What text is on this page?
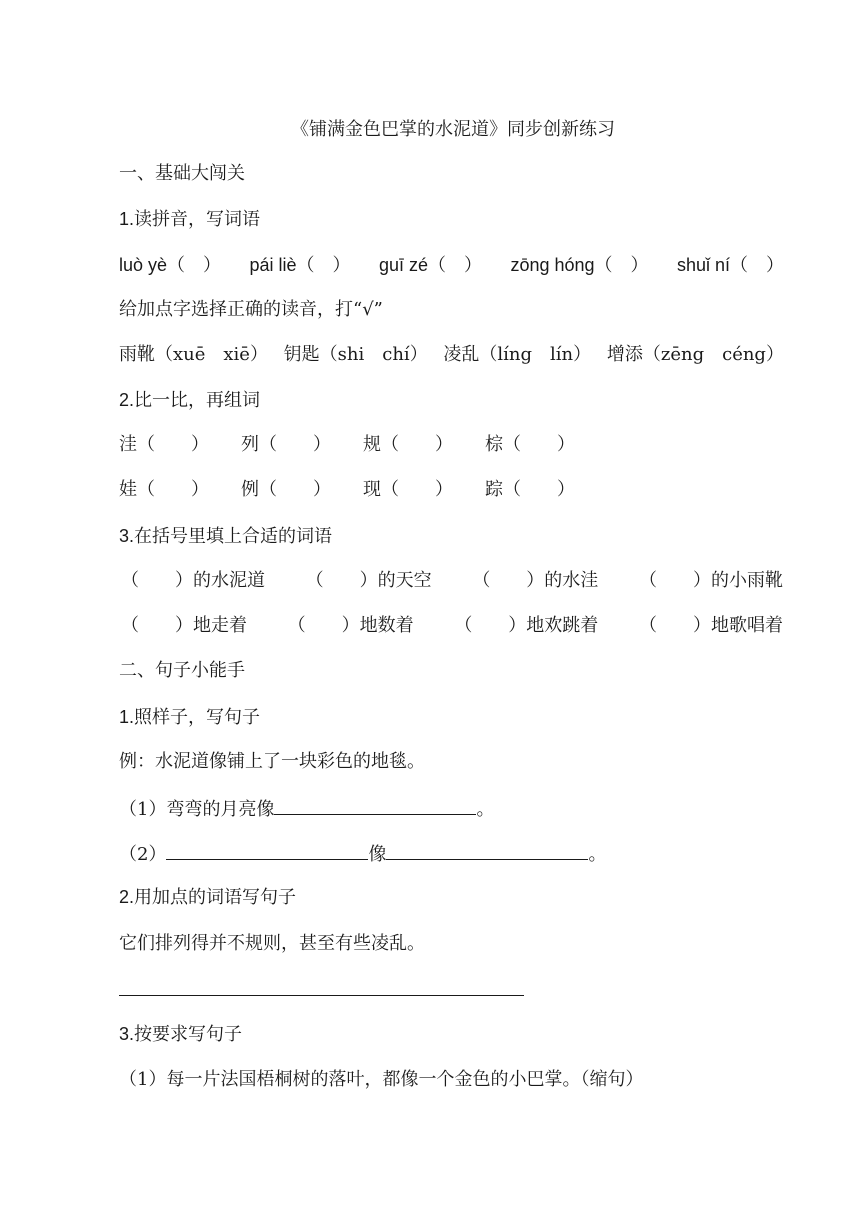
《铺满金色巴掌的水泥道》同步创新练习
一、基础大闯关
1.读拼音，写词语
luò yè（　） pái liè（　） guī zé（　） zōng hóng（　） shuǐ ní（　）
给加点字选择正确的读音，打“√”
雨靴（xuē　xiē） 钥匙（shi　chí） 凌乱（líng　lín） 增添（zēng　céng）
2.比一比，再组词
洼（　　）	列（　　）	规（　　）	棕（　　）
娃（　　）	例（　　）	现（　　）	踪（　　）
3.在括号里填上合适的词语
（　　）的水泥道 （　　）的天空 （　　）的水洼 （　　）的小雨靴
（　　）地走着 （　　）地数着 （　　）地欢跳着 （　　）地歌唱着
二、句子小能手
1.照样子，写句子
例：水泥道像铺上了一块彩色的地毯。
（1）弯弯的月亮像	。
（2）	像	。
2.用加点的词语写句子
它们排列得并不规则，甚至有些凌乱。
3.按要求写句子
（1）每一片法国梧桐树的落叶，都像一个金色的小巴掌。（缩句）
